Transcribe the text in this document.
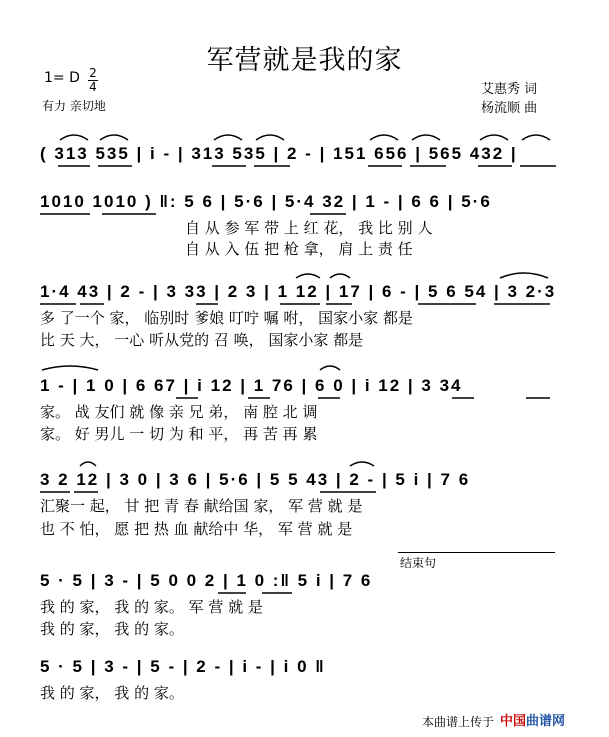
军营就是我的家
1= D 2
4
有力 亲切地
艾惠秀 词
杨流顺 曲
( 313 535 | i - | 313 535 | 2 - | 151 656 | 565 432 |
1010 1010 ) ‖: 5 6 | 5·6 | 5·4 32 | 1 - | 6 6 | 5·6
自 从 参 军 带 上 红 花， 我 比 别 人
自 从 入 伍 把 枪 拿， 肩 上 责 任
1·4 43 | 2 - | 3 33 | 2 3 | 1 12 | 17 | 6 - | 5 6 54 | 3 2·3
多 了一个 家， 临别时 爹娘 叮咛 嘱 咐， 国家小家 都是
比 天 大， 一心 听从党的 召 唤， 国家小家 都是
1 - | 1 0 | 6 67 | i 12 | 1 76 | 6 0 | i 12 | 3 34
家。 战 友们 就 像 亲 兄 弟， 南 腔 北 调
家。 好 男儿 一 切 为 和 平， 再 苦 再 累
3 2 12 | 3 0 | 3 6 | 5·6 | 5 5 43 | 2 - | 5 i | 7 6
汇聚一 起， 甘 把 青 春 献给国 家， 军 营 就 是
也 不 怕， 愿 把 热 血 献给中 华， 军 营 就 是
结束句
5 · 5 | 3 - | 5 0 0 2 | 1 0 :‖ 5 i | 7 6
我 的 家， 我 的 家。 军 营 就 是
我 的 家， 我 的 家。
5 · 5 | 3 - | 5 - | 2 - | i - | i 0 ‖
我 的 家， 我 的 家。
本曲谱上传于 中国曲谱网
